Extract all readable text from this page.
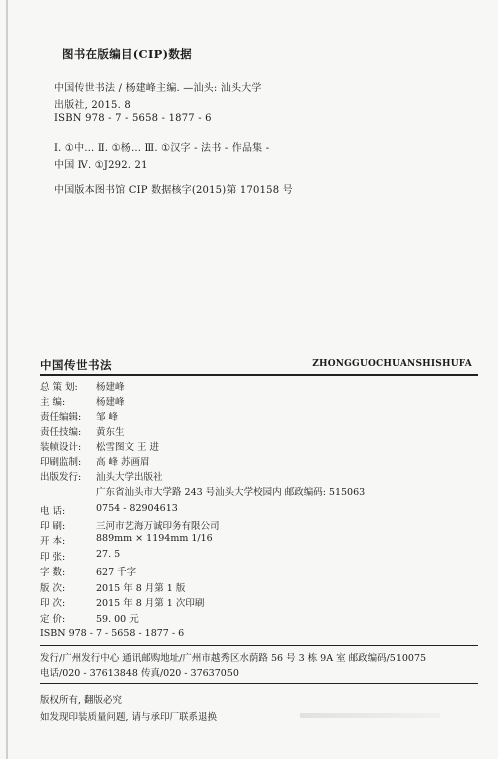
图书在版编目(CIP)数据
中国传世书法 / 杨建峰主编. —汕头: 汕头大学
出版社, 2015. 8
ISBN 978 - 7 - 5658 - 1877 - 6
Ⅰ. ①中… Ⅱ. ①杨… Ⅲ. ①汉字 - 法书 - 作品集 -
中国 Ⅳ. ①J292. 21
中国版本图书馆 CIP 数据核字(2015)第 170158 号
中国传世书法	ZHONGGUOCHUANSHISHUFA
总 策 划:	杨建峰
主 编:	杨建峰
责任编辑:	邹 峰
责任技编:	黄东生
装帧设计:	松雪图文 王 进
印刷监制:	高 峰 苏画眉
出版发行:	汕头大学出版社
广东省汕头市大学路 243 号汕头大学校园内 邮政编码: 515063
电 话:	0754 - 82904613
印 刷:	三河市艺海万诚印务有限公司
开 本:	889mm × 1194mm 1/16
印 张:	27. 5
字 数:	627 千字
版 次:	2015 年 8 月第 1 版
印 次:	2015 年 8 月第 1 次印刷
定 价:	59. 00 元
ISBN 978 - 7 - 5658 - 1877 - 6
发行/广州发行中心 通讯邮购地址/广州市越秀区水荫路 56 号 3 栋 9A 室 邮政编码/510075
电话/020 - 37613848 传真/020 - 37637050
版权所有, 翻版必究
如发现印装质量问题, 请与承印厂联系退换
